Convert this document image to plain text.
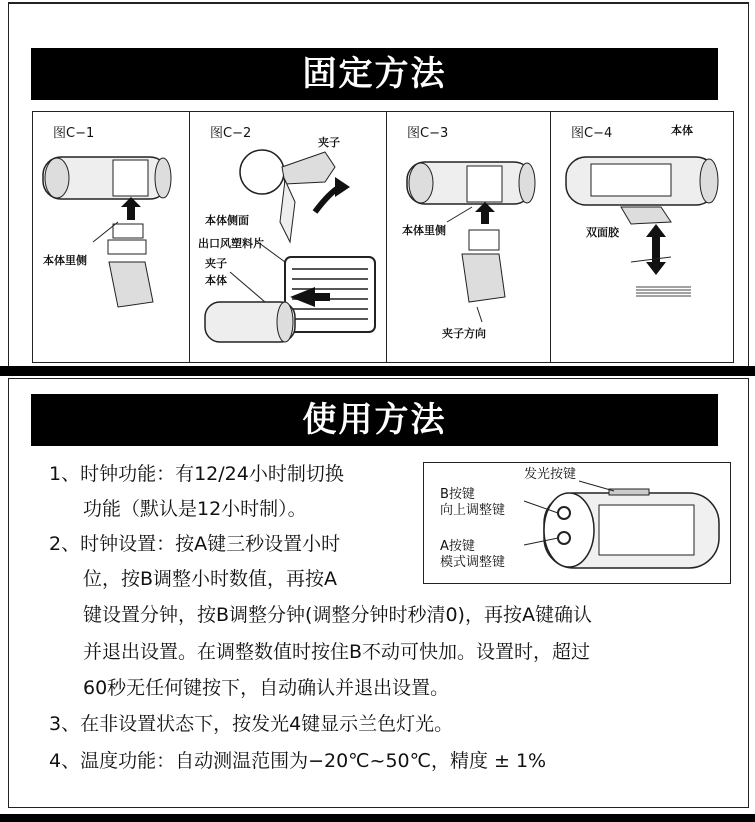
固定方法
图C−1
本体里侧
图C−2
夹子
本体侧面
出口风塑料片
夹子
本体
图C−3
本体里侧
夹子方向
图C−4	本体
双面胶
使用方法
1、时钟功能：有12/24小时制切换
功能（默认是12小时制）。
2、时钟设置：按A键三秒设置小时
位，按B调整小时数值，再按A
键设置分钟，按B调整分钟(调整分钟时秒清0)，再按A键确认
并退出设置。在调整数值时按住B不动可快加。设置时，超过
60秒无任何键按下，自动确认并退出设置。
3、在非设置状态下，按发光4键显示兰色灯光。
4、温度功能：自动测温范围为−20℃~50℃，精度 ± 1%
发光按键
B按键
向上调整键
A按键
模式调整键
